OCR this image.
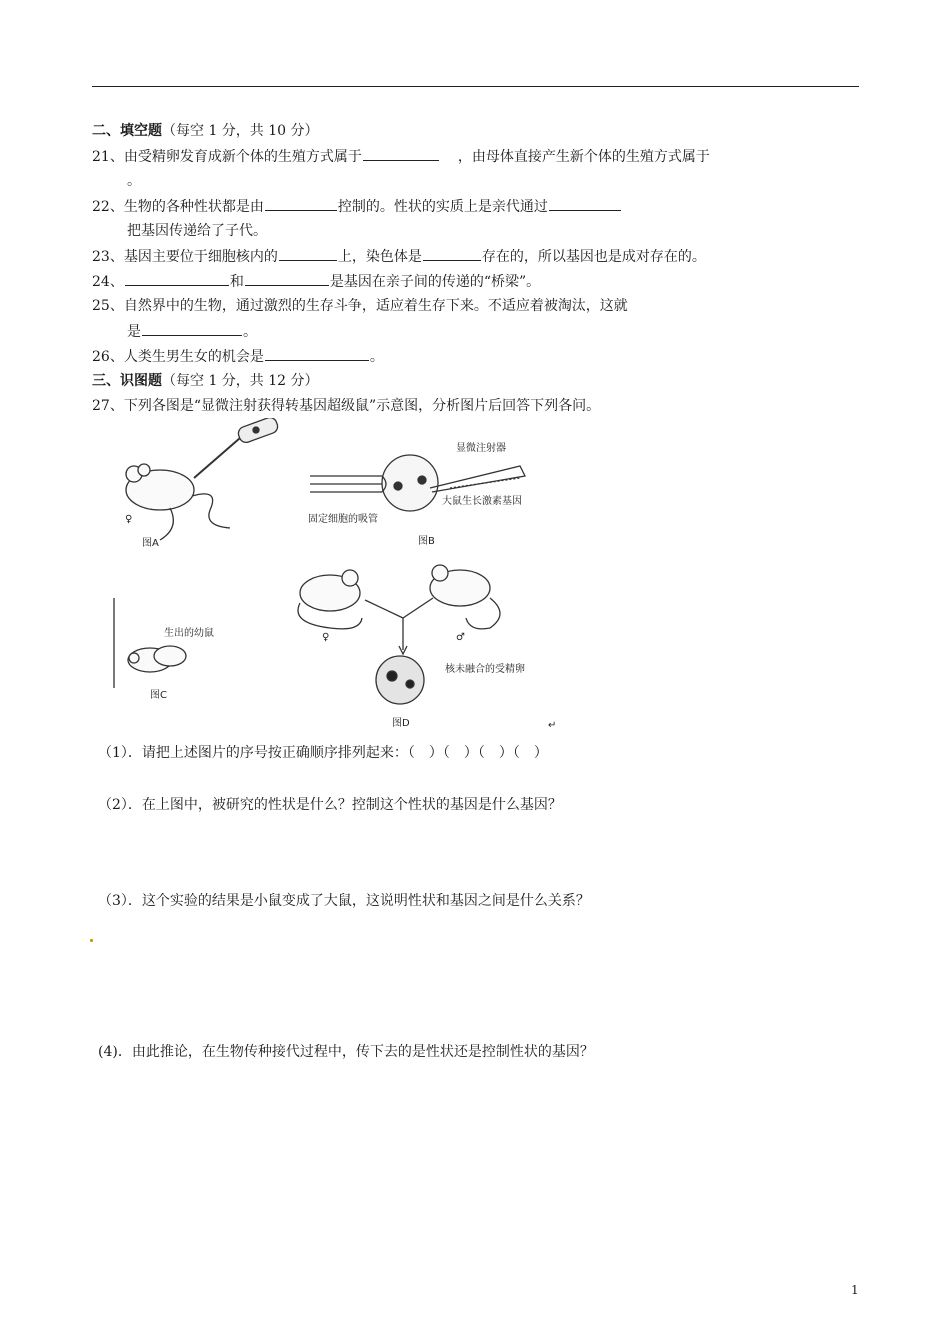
二、填空题（每空 1 分，共 10 分）
21、由受精卵发育成新个体的生殖方式属于	，由母体直接产生新个体的生殖方式属于
。
22、生物的各种性状都是由	控制的。性状的实质上是亲代通过
把基因传递给了子代。
23、基因主要位于细胞核内的	上，染色体是	存在的，所以基因也是成对存在的。
24、	和	是基因在亲子间的传递的“桥梁”。
25、自然界中的生物，通过激烈的生存斗争，适应着生存下来。不适应着被淘汰，这就
是	。
26、人类生男生女的机会是	。
三、识图题（每空 1 分，共 12 分）
27、下列各图是“显微注射获得转基因超级鼠”示意图，分析图片后回答下列各问。
♀
图A
显微注射器
固定细胞的吸管
大鼠生长激素基因
图B
♀	♂
核未融合的受精卵
图D
生出的幼鼠
图C
↵
（1）．请把上述图片的序号按正确顺序排列起来：（　）（　）（　）（　）
（2）．在上图中，被研究的性状是什么？控制这个性状的基因是什么基因？
（3）．这个实验的结果是小鼠变成了大鼠，这说明性状和基因之间是什么关系？
(4)．由此推论，在生物传种接代过程中，传下去的是性状还是控制性状的基因？
1
